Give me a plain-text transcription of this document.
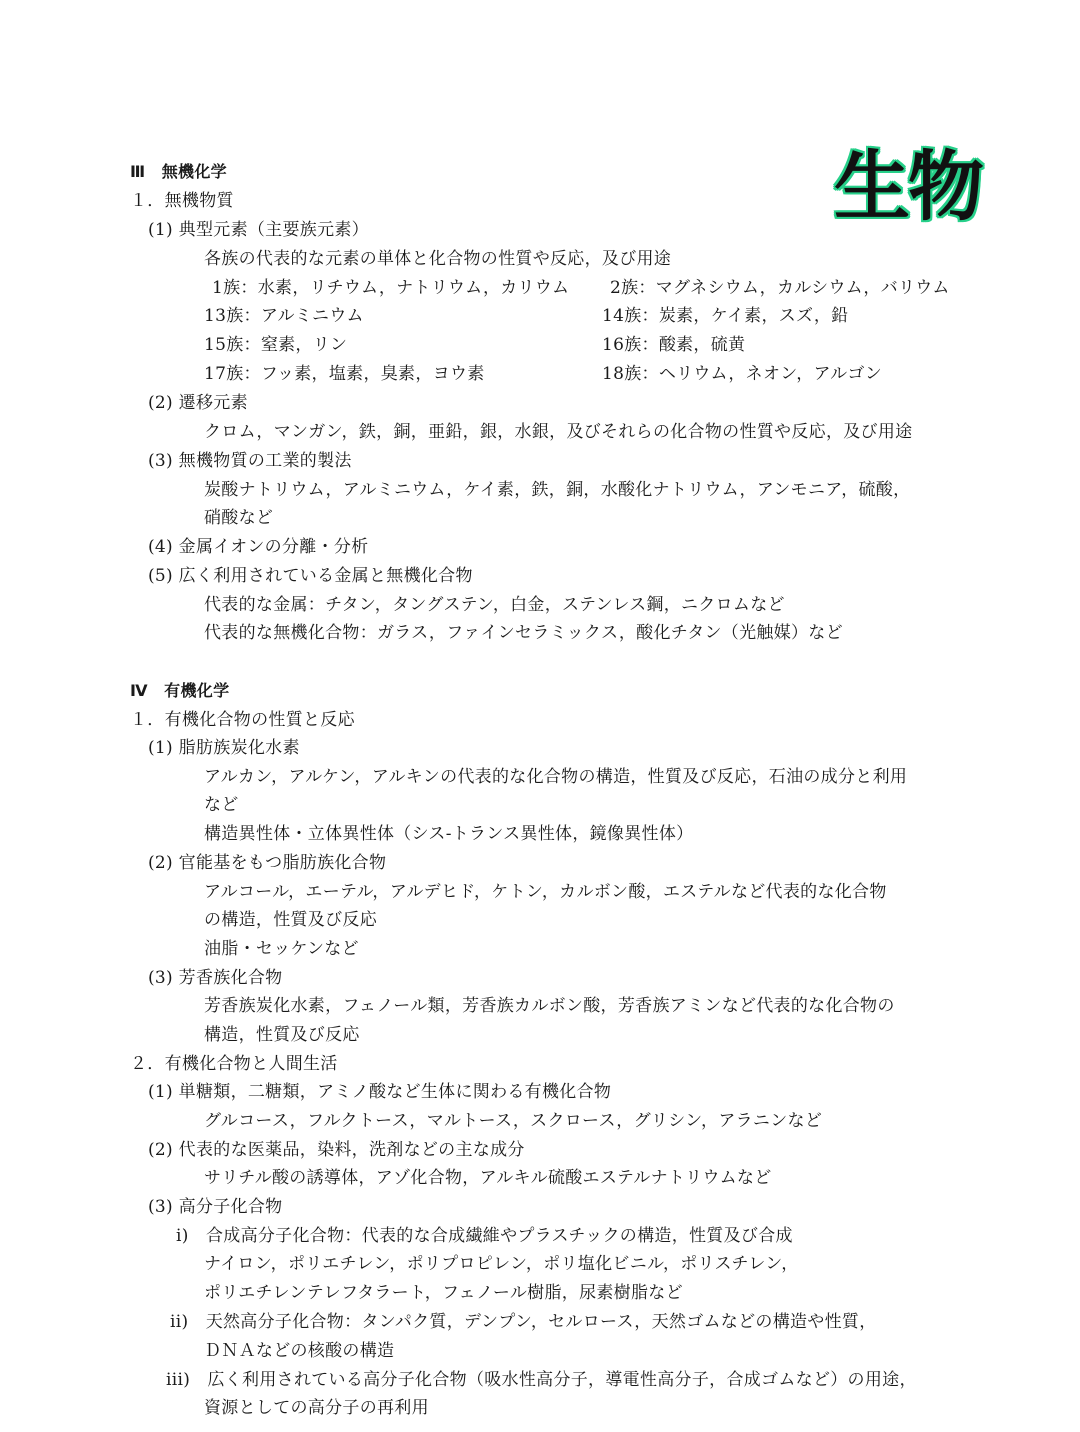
生物
Ⅲ　無機化学
１．無機物質
(1) 典型元素（主要族元素）
各族の代表的な元素の単体と化合物の性質や反応，及び用途
1族：水素，リチウム，ナトリウム，カリウム 2族：マグネシウム，カルシウム，バリウム
13族：アルミニウム	14族：炭素，ケイ素，スズ，鉛
15族：窒素，リン	16族：酸素，硫黄
17族：フッ素，塩素，臭素，ヨウ素	18族：ヘリウム，ネオン，アルゴン
(2) 遷移元素
クロム，マンガン，鉄，銅，亜鉛，銀，水銀，及びそれらの化合物の性質や反応，及び用途
(3) 無機物質の工業的製法
炭酸ナトリウム，アルミニウム，ケイ素，鉄，銅，水酸化ナトリウム，アンモニア，硫酸，
硝酸など
(4) 金属イオンの分離・分析
(5) 広く利用されている金属と無機化合物
代表的な金属：チタン，タングステン，白金，ステンレス鋼，ニクロムなど
代表的な無機化合物：ガラス，ファインセラミックス，酸化チタン（光触媒）など
Ⅳ　有機化学
１．有機化合物の性質と反応
(1) 脂肪族炭化水素
アルカン，アルケン，アルキンの代表的な化合物の構造，性質及び反応，石油の成分と利用
など
構造異性体・立体異性体（シス-トランス異性体，鏡像異性体）
(2) 官能基をもつ脂肪族化合物
アルコール，エーテル，アルデヒド，ケトン，カルボン酸，エステルなど代表的な化合物
の構造，性質及び反応
油脂・セッケンなど
(3) 芳香族化合物
芳香族炭化水素，フェノール類，芳香族カルボン酸，芳香族アミンなど代表的な化合物の
構造，性質及び反応
２．有機化合物と人間生活
(1) 単糖類，二糖類，アミノ酸など生体に関わる有機化合物
グルコース，フルクトース，マルトース，スクロース，グリシン，アラニンなど
(2) 代表的な医薬品，染料，洗剤などの主な成分
サリチル酸の誘導体，アゾ化合物，アルキル硫酸エステルナトリウムなど
(3) 高分子化合物
i)　合成高分子化合物：代表的な合成繊維やプラスチックの構造，性質及び合成
ナイロン，ポリエチレン，ポリプロピレン，ポリ塩化ビニル，ポリスチレン，
ポリエチレンテレフタラート，フェノール樹脂，尿素樹脂など
ii)　天然高分子化合物：タンパク質，デンプン，セルロース，天然ゴムなどの構造や性質，
ＤＮＡなどの核酸の構造
iii)　広く利用されている高分子化合物（吸水性高分子，導電性高分子，合成ゴムなど）の用途，
資源としての高分子の再利用
